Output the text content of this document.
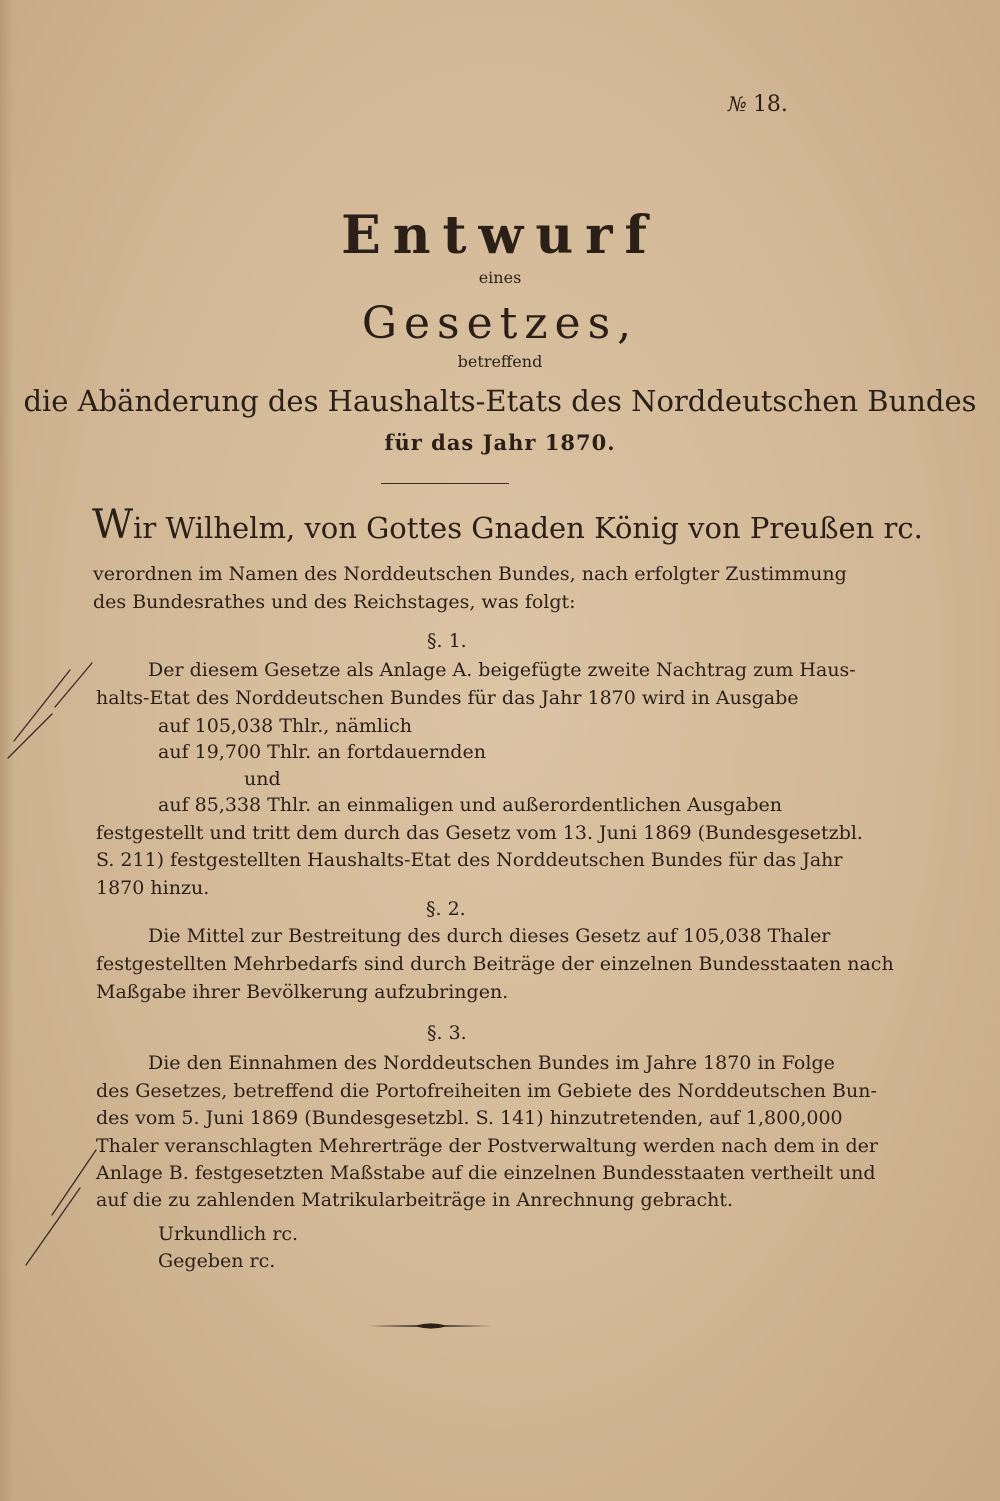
№ 18.
Entwurf
eines
Gesetzes,
betreffend
die Abänderung des Haushalts-Etats des Norddeutschen Bundes
für das Jahr 1870.
Wir Wilhelm, von Gottes Gnaden König von Preußen rc.
verordnen im Namen des Norddeutschen Bundes, nach erfolgter Zustimmung
des Bundesrathes und des Reichstages, was folgt:
§. 1.
Der diesem Gesetze als Anlage A. beigefügte zweite Nachtrag zum Haus-
halts-Etat des Norddeutschen Bundes für das Jahr 1870 wird in Ausgabe
auf 105,038 Thlr., nämlich
auf 19,700 Thlr. an fortdauernden
und
auf 85,338 Thlr. an einmaligen und außerordentlichen Ausgaben
festgestellt und tritt dem durch das Gesetz vom 13. Juni 1869 (Bundesgesetzbl.
S. 211) festgestellten Haushalts-Etat des Norddeutschen Bundes für das Jahr
1870 hinzu.
§. 2.
Die Mittel zur Bestreitung des durch dieses Gesetz auf 105,038 Thaler
festgestellten Mehrbedarfs sind durch Beiträge der einzelnen Bundesstaaten nach
Maßgabe ihrer Bevölkerung aufzubringen.
§. 3.
Die den Einnahmen des Norddeutschen Bundes im Jahre 1870 in Folge
des Gesetzes, betreffend die Portofreiheiten im Gebiete des Norddeutschen Bun-
des vom 5. Juni 1869 (Bundesgesetzbl. S. 141) hinzutretenden, auf 1,800,000
Thaler veranschlagten Mehrerträge der Postverwaltung werden nach dem in der
Anlage B. festgesetzten Maßstabe auf die einzelnen Bundesstaaten vertheilt und
auf die zu zahlenden Matrikularbeiträge in Anrechnung gebracht.
Urkundlich rc.
Gegeben rc.
